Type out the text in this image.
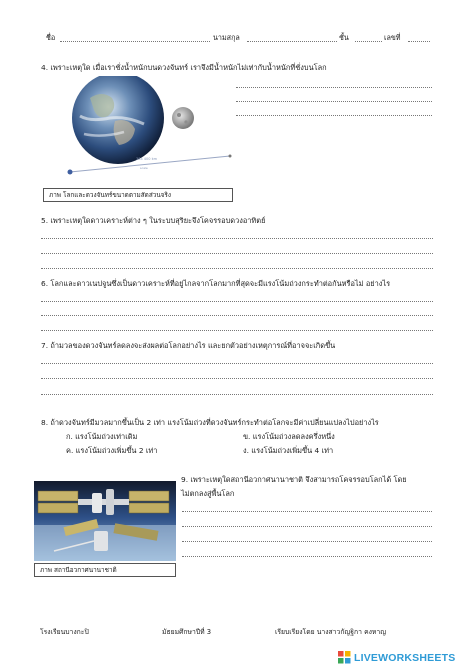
ชื่อ	นามสกุล	ชั้น	เลขที่
4. เพราะเหตุใด เมื่อเราชั่งน้ำหนักบนดวงจันทร์ เราจึงมีน้ำหนักไม่เท่ากับน้ำหนักที่ชั่งบนโลก
384 400 km
scale
ภาพ โลกและดวงจันทร์ขนาดตามสัดส่วนจริง
5. เพราะเหตุใดดาวเคราะห์ต่าง ๆ ในระบบสุริยะจึงโคจรรอบดวงอาทิตย์
6. โลกและดาวเนปจูนซึ่งเป็นดาวเคราะห์ที่อยู่ไกลจากโลกมากที่สุดจะมีแรงโน้มถ่วงกระทำต่อกันหรือไม่ อย่างไร
7. ถ้ามวลของดวงจันทร์ลดลงจะส่งผลต่อโลกอย่างไร และยกตัวอย่างเหตุการณ์ที่อาจจะเกิดขึ้น
8. ถ้าดวงจันทร์มีมวลมากขึ้นเป็น 2 เท่า แรงโน้มถ่วงที่ดวงจันทร์กระทำต่อโลกจะมีค่าเปลี่ยนแปลงไปอย่างไร
ก. แรงโน้มถ่วงเท่าเดิม	ข. แรงโน้มถ่วงลดลงครึ่งหนึ่ง
ค. แรงโน้มถ่วงเพิ่มขึ้น 2 เท่า	ง. แรงโน้มถ่วงเพิ่มขึ้น 4 เท่า
ภาพ สถานีอวกาศนานาชาติ
9. เพราะเหตุใดสถานีอวกาศนานาชาติ จึงสามารถโคจรรอบโลกได้ โดย
ไม่ตกลงสู่พื้นโลก
โรงเรียนบางกะปิ	มัธยมศึกษาปีที่ 3	เรียบเรียงโดย นางสาวกัญฐิกา คงหาญ
LIVEWORKSHEETS
